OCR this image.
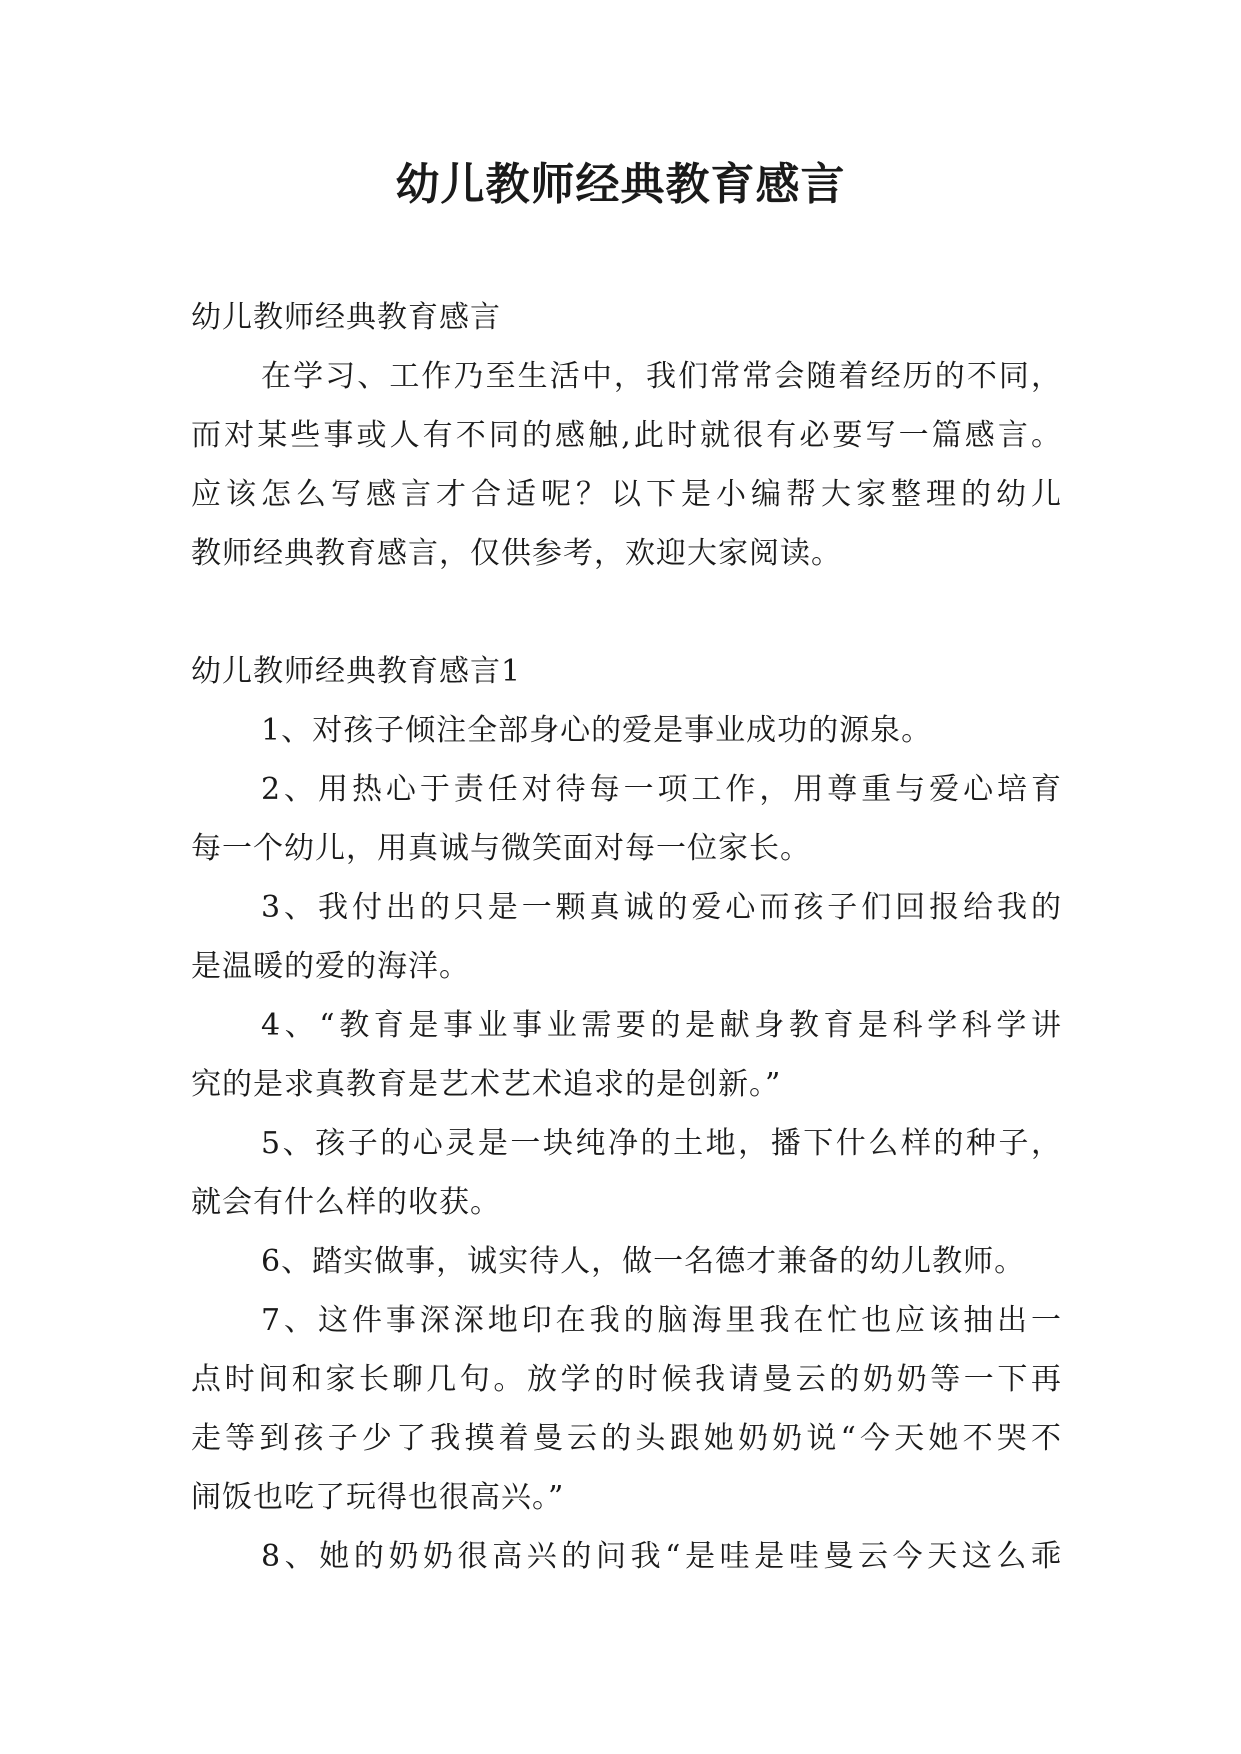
幼儿教师经典教育感言
幼儿教师经典教育感言
在学习、工作乃至生活中，我们常常会随着经历的不同，
而对某些事或人有不同的感触,此时就很有必要写一篇感言。
应该怎么写感言才合适呢？以下是小编帮大家整理的幼儿
教师经典教育感言，仅供参考，欢迎大家阅读。
幼儿教师经典教育感言1
1、对孩子倾注全部身心的爱是事业成功的源泉。
2、用热心于责任对待每一项工作，用尊重与爱心培育
每一个幼儿，用真诚与微笑面对每一位家长。
3、我付出的只是一颗真诚的爱心而孩子们回报给我的
是温暖的爱的海洋。
4、“教育是事业事业需要的是献身教育是科学科学讲
究的是求真教育是艺术艺术追求的是创新。”
5、孩子的心灵是一块纯净的土地，播下什么样的种子，
就会有什么样的收获。
6、踏实做事，诚实待人，做一名德才兼备的幼儿教师。
7、这件事深深地印在我的脑海里我在忙也应该抽出一
点时间和家长聊几句。放学的时候我请曼云的奶奶等一下再
走等到孩子少了我摸着曼云的头跟她奶奶说“今天她不哭不
闹饭也吃了玩得也很高兴。”
8、她的奶奶很高兴的问我“是哇是哇曼云今天这么乖
